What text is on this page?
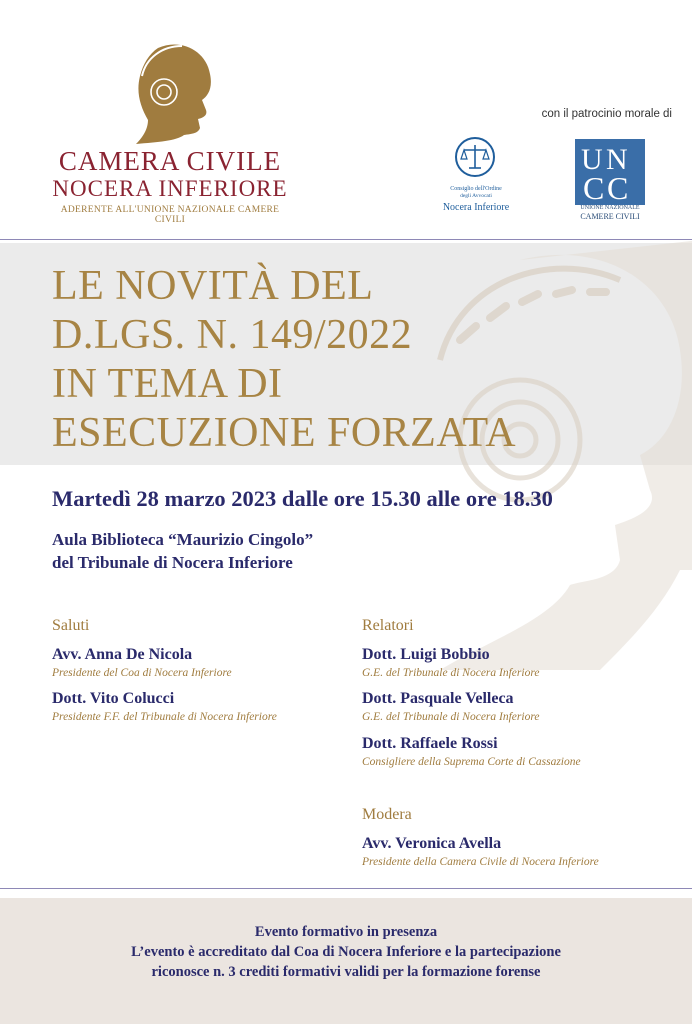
CAMERA CIVILE
NOCERA INFERIORE
ADERENTE ALL'UNIONE NAZIONALE CAMERE CIVILI
con il patrocinio morale di
Consiglio dell'Ordine
degli Avvocati
Nocera Inferiore
U N
C C
UNIONE NAZIONALE
CAMERE CIVILI
LE NOVITÀ DEL
D.LGS. N. 149/2022
IN TEMA DI
ESECUZIONE FORZATA
Martedì 28 marzo 2023 dalle ore 15.30 alle ore 18.30
Aula Biblioteca “Maurizio Cingolo”
del Tribunale di Nocera Inferiore
Saluti
Avv. Anna De Nicola
Presidente del Coa di Nocera Inferiore
Dott. Vito Colucci
Presidente F.F. del Tribunale di Nocera Inferiore
Relatori
Dott. Luigi Bobbio
G.E. del Tribunale di Nocera Inferiore
Dott. Pasquale Velleca
G.E. del Tribunale di Nocera Inferiore
Dott. Raffaele Rossi
Consigliere della Suprema Corte di Cassazione
Modera
Avv. Veronica Avella
Presidente della Camera Civile di Nocera Inferiore
Evento formativo in presenza
L’evento è accreditato dal Coa di Nocera Inferiore e la partecipazione
riconosce n. 3 crediti formativi validi per la formazione forense
